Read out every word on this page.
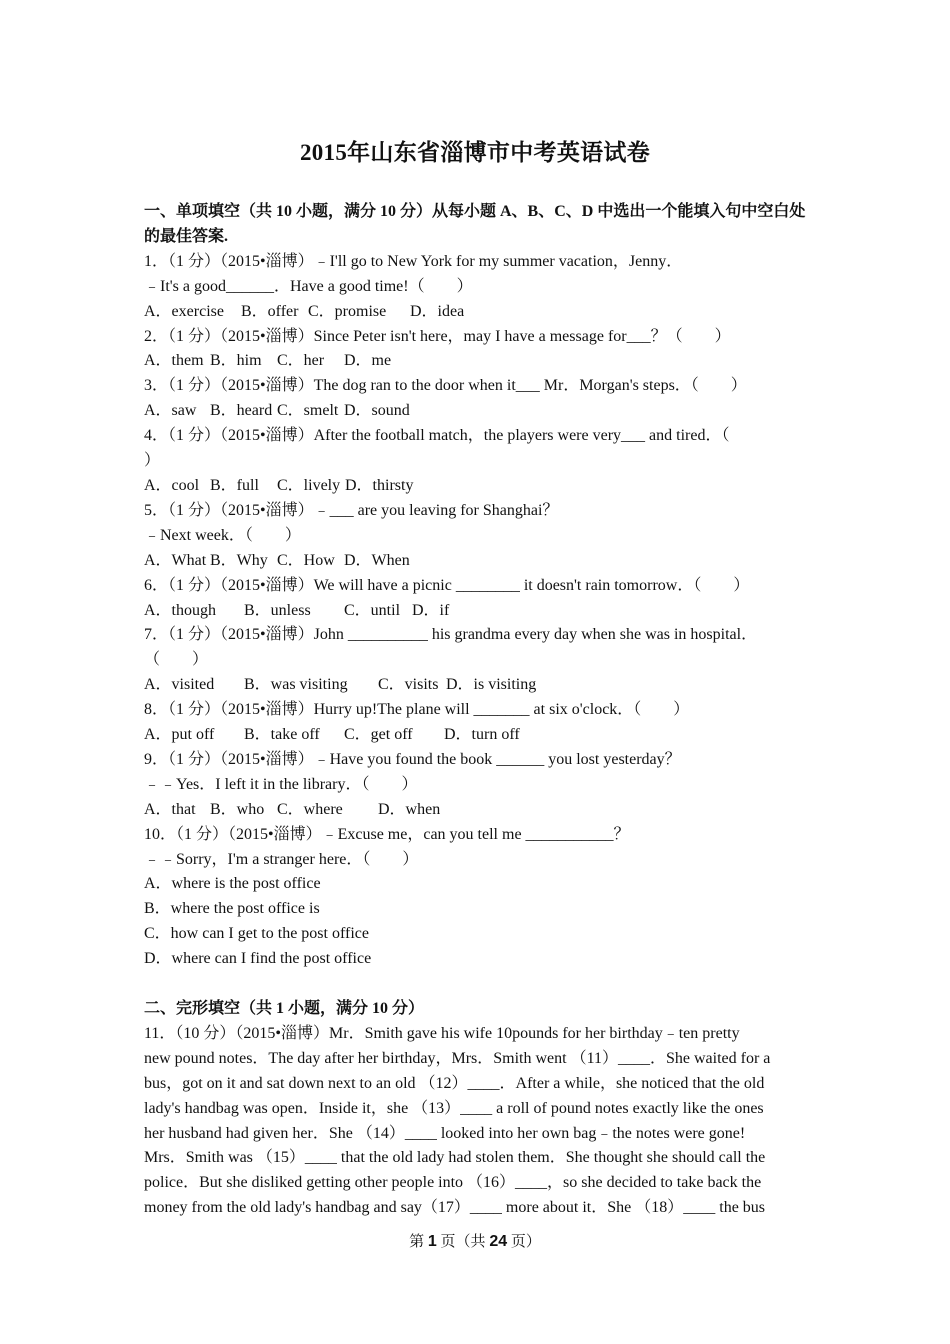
2015年山东省淄博市中考英语试卷
一、单项填空（共 10 小题，满分 10 分）从每小题 A、B、C、D 中选出一个能填入句中空白处
的最佳答案.
1．（1 分）（2015•淄博）﹣I'll go to New York for my summer vacation，Jenny．
﹣It's a good______．Have a good time!（　　）
A．exercise B．offer C．promise D．idea
2．（1 分）（2015•淄博）Since Peter isn't here，may I have a message for___？（　　）
A．them B．him C．her D．me
3．（1 分）（2015•淄博）The dog ran to the door when it___ Mr．Morgan's steps．（　　）
A．saw B．heard C．smelt D．sound
4．（1 分）（2015•淄博）After the football match，the players were very___ and tired．（
）
A．cool B．full C．lively D．thirsty
5．（1 分）（2015•淄博）﹣___ are you leaving for Shanghai？
﹣Next week．（　　）
A．What B．Why C．How D．When
6．（1 分）（2015•淄博）We will have a picnic ________ it doesn't rain tomorrow．（　　）
A．though B．unless C．until D．if
7．（1 分）（2015•淄博）John __________ his grandma every day when she was in hospital．
（　　）
A．visited B．was visiting C．visits D．is visiting
8．（1 分）（2015•淄博）Hurry up!The plane will _______ at six o'clock．（　　）
A．put off B．take off C．get off D．turn off
9．（1 分）（2015•淄博）﹣Have you found the book ______ you lost yesterday？
﹣﹣Yes．I left it in the library．（　　）
A．that B．who C．where D．when
10．（1 分）（2015•淄博）﹣Excuse me，can you tell me ___________？
﹣﹣Sorry，I'm a stranger here．（　　）
A．where is the post office
B．where the post office is
C．how can I get to the post office
D．where can I find the post office
二、完形填空（共 1 小题，满分 10 分）
11．（10 分）（2015•淄博）Mr．Smith gave his wife 10pounds for her birthday﹣ten pretty
new pound notes．The day after her birthday，Mrs．Smith went （11）____．She waited for a
bus，got on it and sat down next to an old （12）____．After a while，she noticed that the old
lady's handbag was open．Inside it，she （13）____ a roll of pound notes exactly like the ones
her husband had given her．She （14）____ looked into her own bag﹣the notes were gone!
Mrs．Smith was （15）____ that the old lady had stolen them．She thought she should call the
police．But she disliked getting other people into （16）____，so she decided to take back the
money from the old lady's handbag and say（17）____ more about it．She （18）____ the bus
第 1 页（共 24 页）
